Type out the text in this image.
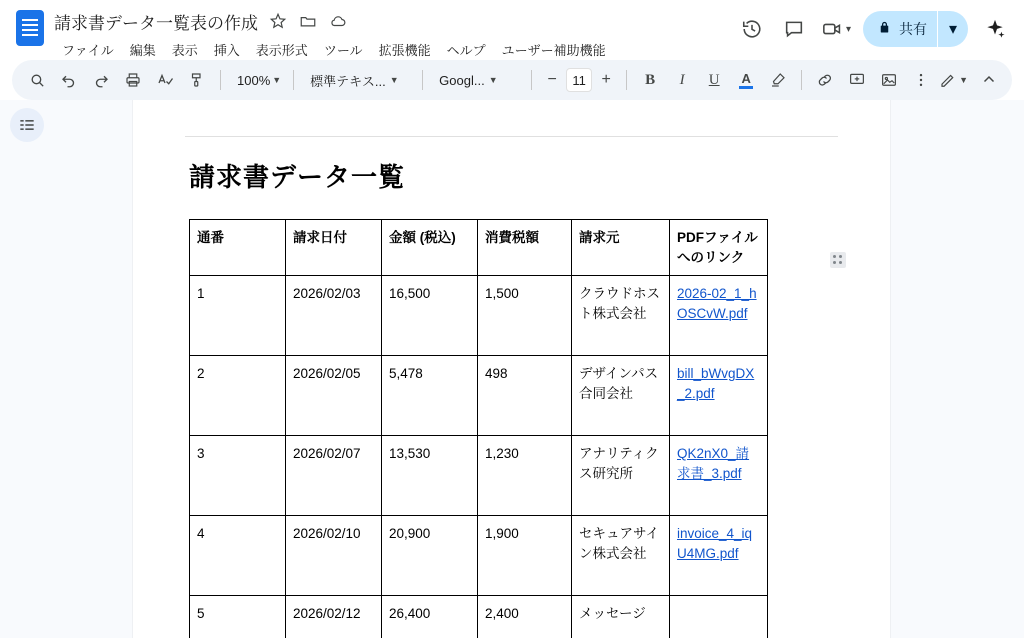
請求書データ一覧表の作成
ファイル	編集	表示	挿入	表示形式	ツール	拡張機能	ヘルプ	ユーザー補助機能
▾	共有	▾
100% ▼ 標準テキス... ▼	Googl... ▼	−	11 +	B	I	U	A	▼
請求書データ一覧
通番	請求日付	金額 (税込)	消費税額	請求元	PDFファイルへのリンク
1	2026/02/03	16,500	1,500	クラウドホスト株式会社	2026-02_1_hOSCvW.pdf
2	2026/02/05	5,478	498	デザインパス合同会社	bill_bWvgDX_2.pdf
3	2026/02/07	13,530	1,230	アナリティクス研究所	QK2nX0_請求書_3.pdf
4	2026/02/10	20,900	1,900	セキュアサイン株式会社	invoice_4_iqU4MG.pdf
5	2026/02/12	26,400	2,400	メッセージ	
